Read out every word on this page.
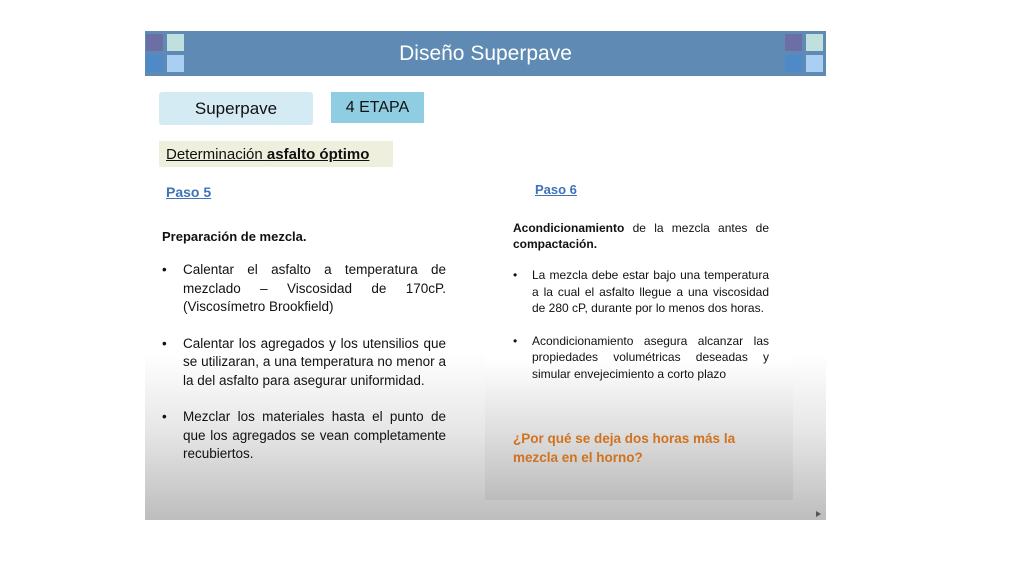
Diseño Superpave
Superpave	4 ETAPA
Determinación asfalto óptimo
Paso 5	Paso 6
Preparación de mezcla.
• Calentar el asfalto a temperatura de mezclado – Viscosidad de 170cP. (Viscosímetro Brookfield)
• Calentar los agregados y los utensilios que se utilizaran, a una temperatura no menor a la del asfalto para asegurar uniformidad.
• Mezclar los materiales hasta el punto de que los agregados se vean completamente recubiertos.
Acondicionamiento de la mezcla antes de compactación.
• La mezcla debe estar bajo una temperatura a la cual el asfalto llegue a una viscosidad de 280 cP, durante por lo menos dos horas.
• Acondicionamiento asegura alcanzar las propiedades volumétricas deseadas y simular envejecimiento a corto plazo
¿Por qué se deja dos horas más la mezcla en el horno?
